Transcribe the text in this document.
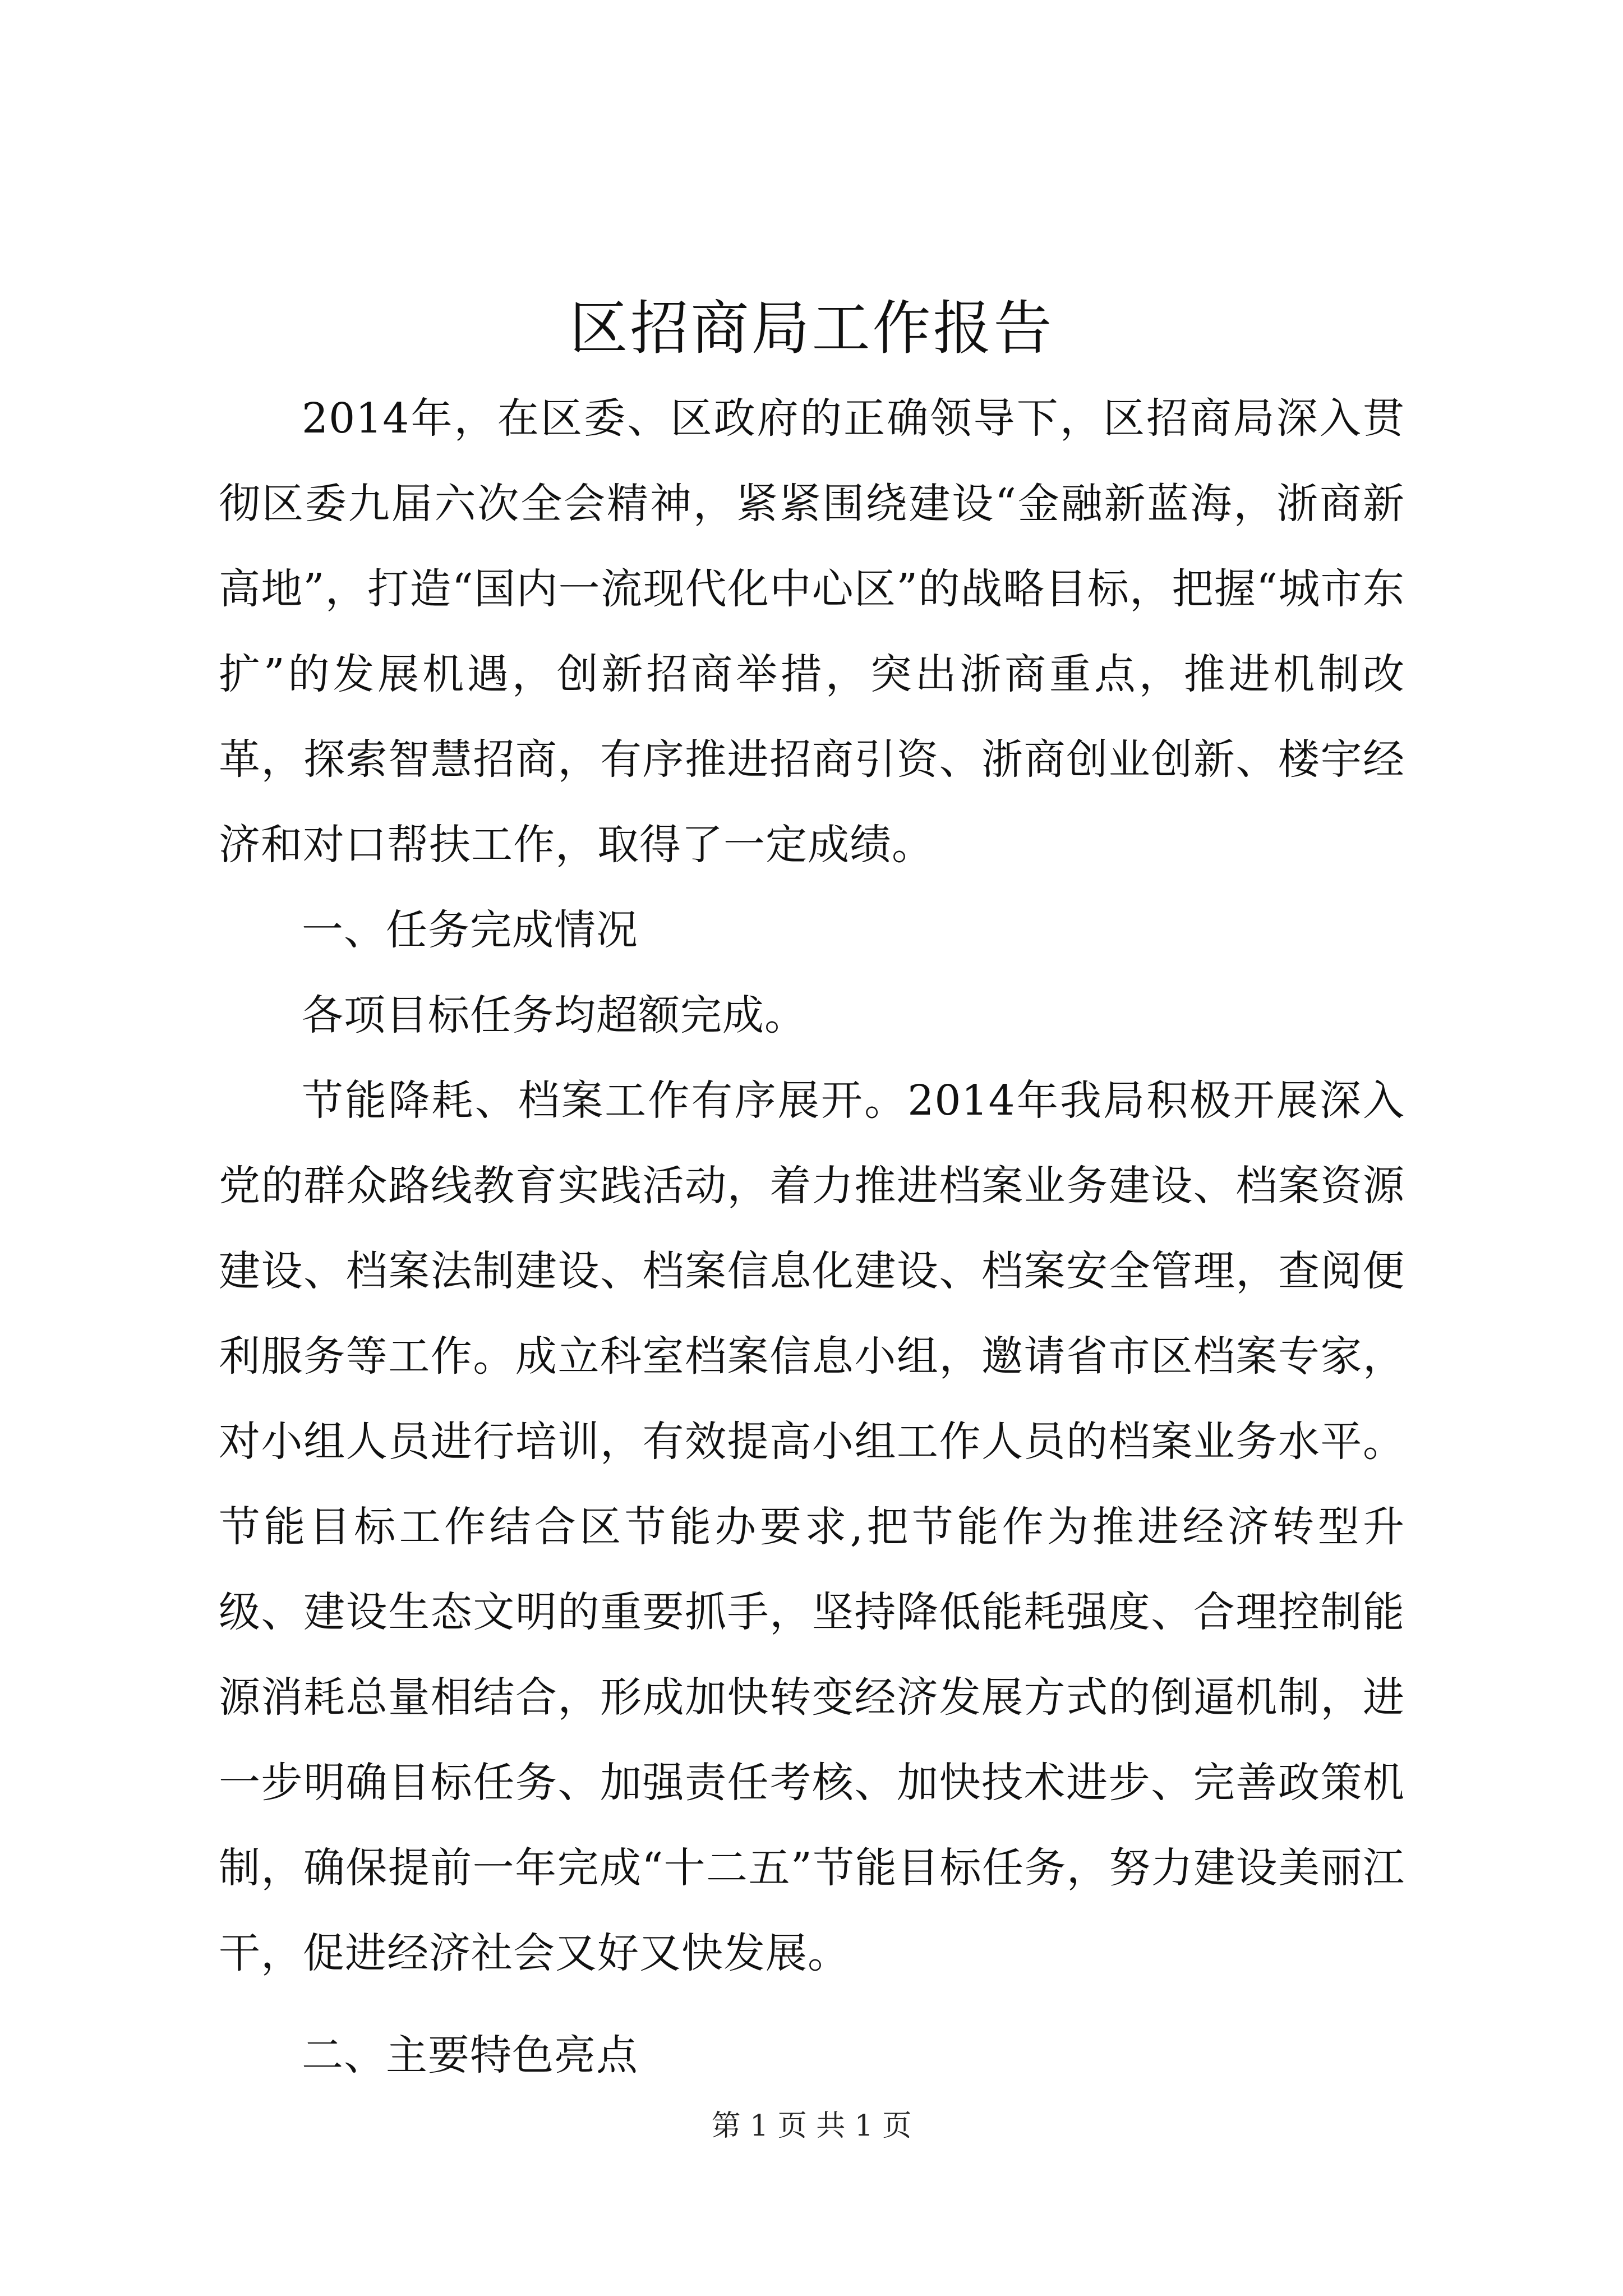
区招商局工作报告

2014年，在区委、区政府的正确领导下，区招商局深入贯彻区委九届六次全会精神，紧紧围绕建设“金融新蓝海，浙商新高地”，打造“国内一流现代化中心区”的战略目标，把握“城市东扩”的发展机遇，创新招商举措，突出浙商重点，推进机制改革，探索智慧招商，有序推进招商引资、浙商创业创新、楼宇经济和对口帮扶工作，取得了一定成绩。

一、任务完成情况

各项目标任务均超额完成。

节能降耗、档案工作有序展开。2014年我局积极开展深入党的群众路线教育实践活动，着力推进档案业务建设、档案资源建设、档案法制建设、档案信息化建设、档案安全管理，查阅便利服务等工作。成立科室档案信息小组，邀请省市区档案专家，对小组人员进行培训，有效提高小组工作人员的档案业务水平。节能目标工作结合区节能办要求,把节能作为推进经济转型升级、建设生态文明的重要抓手，坚持降低能耗强度、合理控制能源消耗总量相结合，形成加快转变经济发展方式的倒逼机制，进一步明确目标任务、加强责任考核、加快技术进步、完善政策机制，确保提前一年完成“十二五”节能目标任务，努力建设美丽江干，促进经济社会又好又快发展。

二、主要特色亮点

第 1 页 共 1 页
